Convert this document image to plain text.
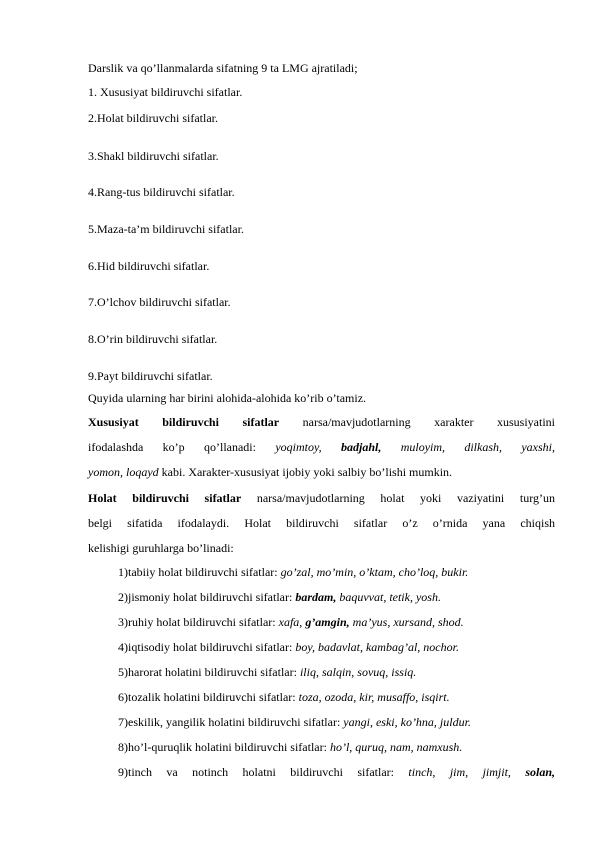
Darslik va qo’llanmalarda sifatning 9 ta LMG ajratiladi;
1. Xususiyat bildiruvchi sifatlar.
2.Holat bildiruvchi sifatlar.
3.Shakl bildiruvchi sifatlar.
4.Rang-tus bildiruvchi sifatlar.
5.Maza-ta’m bildiruvchi sifatlar.
6.Hid bildiruvchi sifatlar.
7.O’lchov bildiruvchi sifatlar.
8.O’rin bildiruvchi sifatlar.
9.Payt bildiruvchi sifatlar.
Quyida ularning har birini alohida-alohida ko’rib o’tamiz.
Xususiyat bildiruvchi sifatlar narsa/mavjudotlarning xarakter xususiyatini
ifodalashda ko’p qo’llanadi: yoqimtoy, badjahl, muloyim, dilkash, yaxshi,
yomon, loqayd kabi. Xarakter-xususiyat ijobiy yoki salbiy bo’lishi mumkin.
Holat bildiruvchi sifatlar narsa/mavjudotlarning holat yoki vaziyatini turg’un
belgi sifatida ifodalaydi. Holat bildiruvchi sifatlar o’z o’rnida yana chiqish
kelishigi guruhlarga bo’linadi:
1)tabiiy holat bildiruvchi sifatlar: go’zal, mo’min, o’ktam, cho’loq, bukir.
2)jismoniy holat bildiruvchi sifatlar: bardam, baquvvat, tetik, yosh.
3)ruhiy holat bildiruvchi sifatlar: xafa, g’amgin, ma’yus, xursand, shod.
4)iqtisodiy holat bildiruvchi sifatlar: boy, badavlat, kambag’al, nochor.
5)harorat holatini bildiruvchi sifatlar: iliq, salqin, sovuq, issiq.
6)tozalik holatini bildiruvchi sifatlar: toza, ozoda, kir, musaffo, isqirt.
7)eskilik, yangilik holatini bildiruvchi sifatlar: yangi, eski, ko’hna, juldur.
8)ho’l-quruqlik holatini bildiruvchi sifatlar: ho’l, quruq, nam, namxush.
9)tinch va notinch holatni bildiruvchi sifatlar: tinch, jim, jimjit, solan,
